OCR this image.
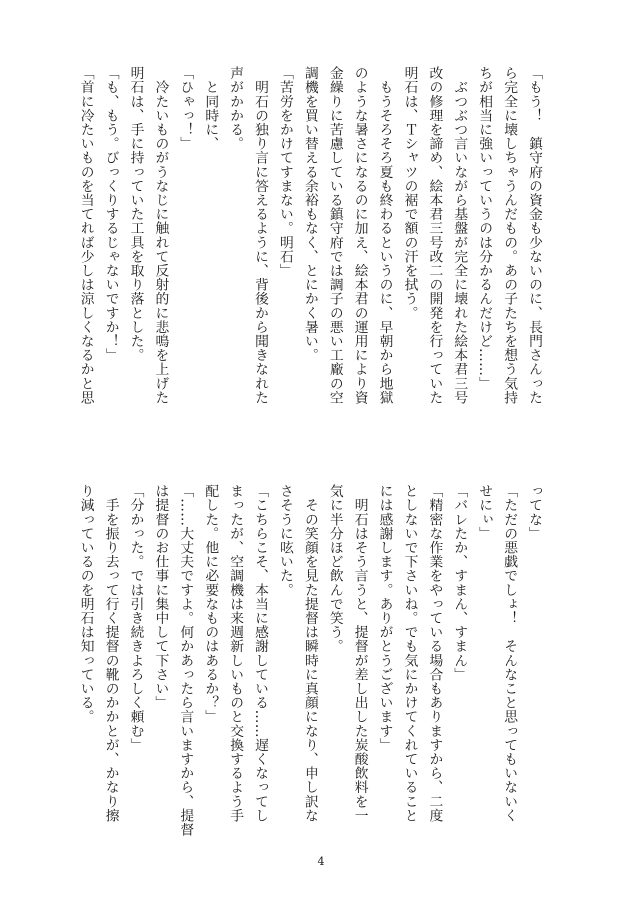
「もう！　鎮守府の資金も少ないのに、長門さんった

ら完全に壊しちゃうんだもの。あの子たちを想う気持

ちが相当に強いっていうのは分かるんだけど……」

　ぶつぶつ言いながら基盤が完全に壊れた絵本君三号

改の修理を諦め、絵本君三号改二の開発を行っていた

明石は、Ｔシャツの裾で額の汗を拭う。

　もうそろそろ夏も終わるというのに、早朝から地獄

のような暑さになるのに加え、絵本君の運用により資

金繰りに苦慮している鎮守府では調子の悪い工廠の空

調機を買い替える余裕もなく、とにかく暑い。

「苦労をかけてすまない。明石」

　明石の独り言に答えるように、背後から聞きなれた

声がかかる。

　と同時に、

「ひゃっ！」

　冷たいものがうなじに触れて反射的に悲鳴を上げた

明石は、手に持っていた工具を取り落とした。

「も、もう。びっくりするじゃないですか！」

「首に冷たいものを当てれば少しは涼しくなるかと思

ってな」

「ただの悪戯でしょ！　そんなこと思ってもいないく

せにぃ」

「バレたか、すまん、すまん」

「精密な作業をやっている場合もありますから、二度

としないで下さいね。でも気にかけてくれていること

には感謝します。ありがとうございます」

　明石はそう言うと、提督が差し出した炭酸飲料を一

気に半分ほど飲んで笑う。

　その笑顔を見た提督は瞬時に真顔になり、申し訳な

さそうに呟いた。

「こちらこそ、本当に感謝している……遅くなってし

まったが、空調機は来週新しいものと交換するよう手

配した。他に必要なものはあるか？」

「……大丈夫ですよ。何かあったら言いますから、提督

は提督のお仕事に集中して下さい」

「分かった。では引き続きよろしく頼む」

　手を振り去って行く提督の靴のかかとが、かなり擦

り減っているのを明石は知っている。

4
